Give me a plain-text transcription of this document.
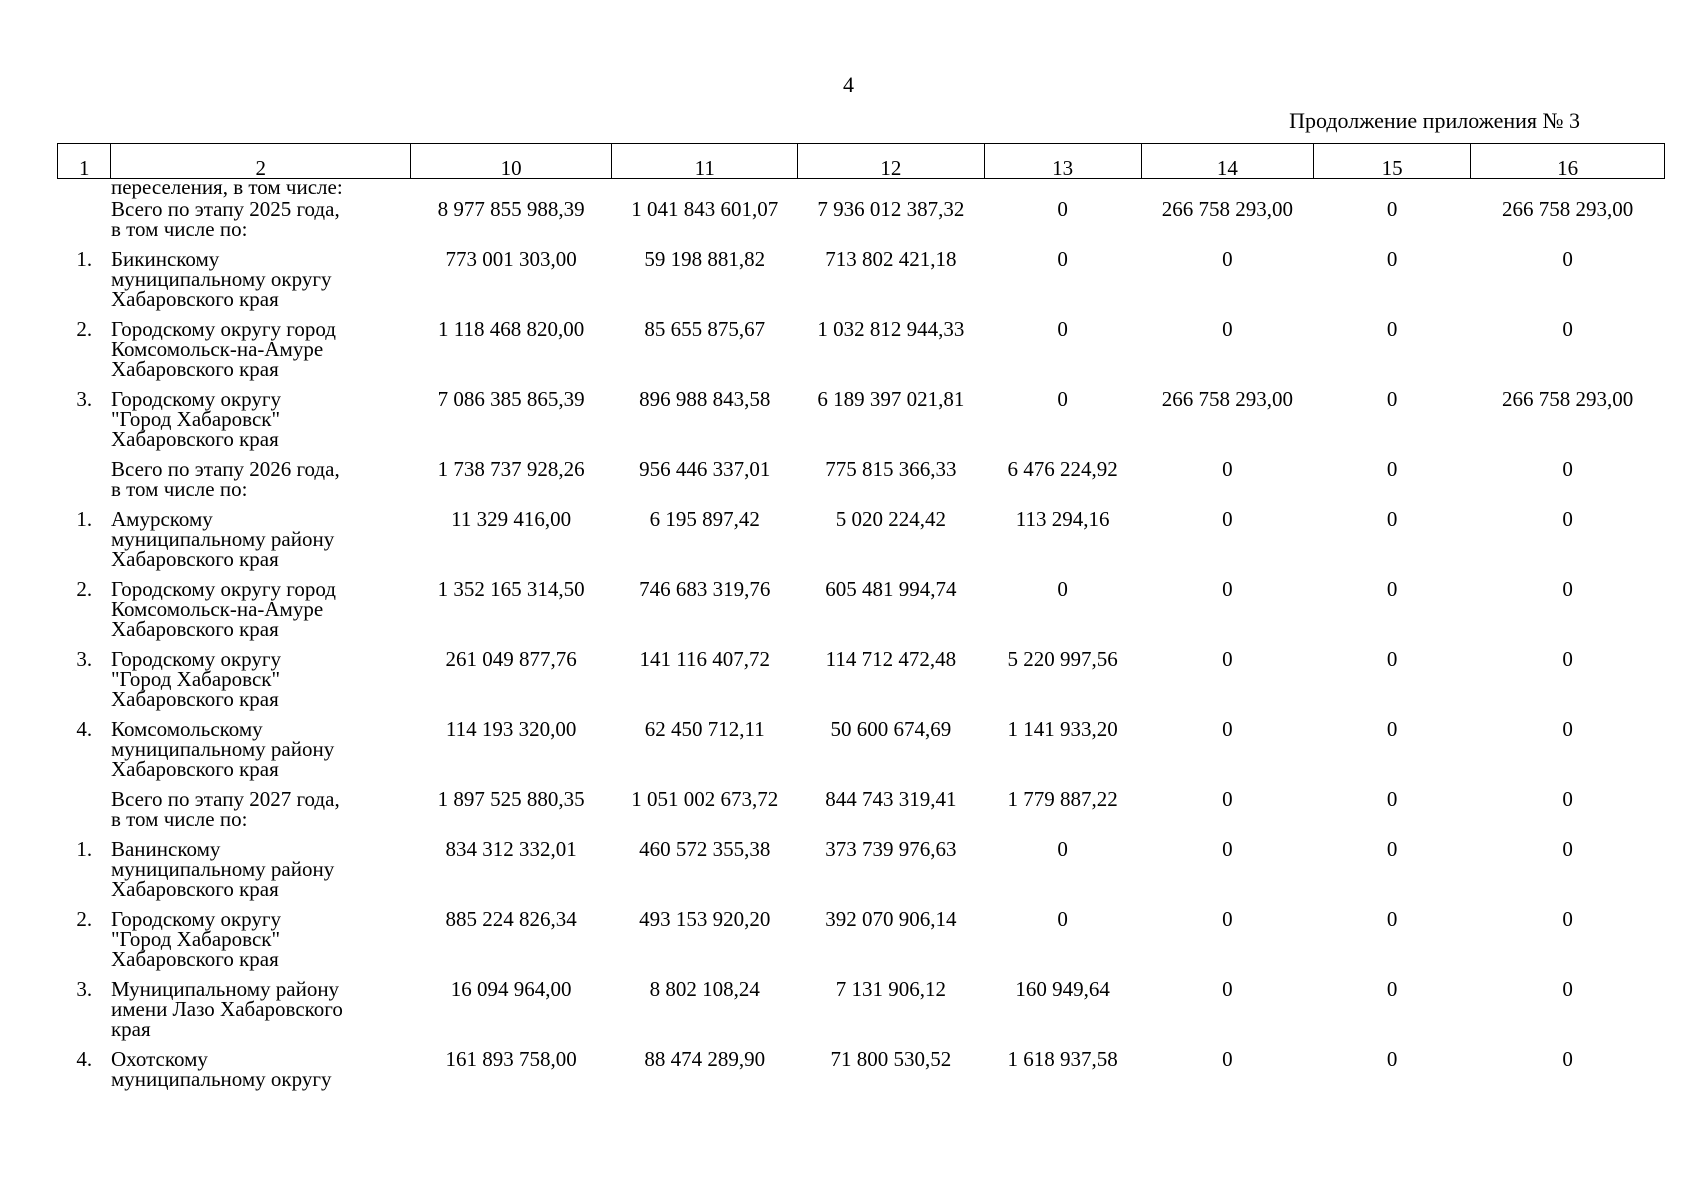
4
Продолжение приложения № 3
1	2	10	11	12	13	14	15	16

	переселения, в том числе:							

	Всего по этапу 2025 года,
в том числе по:	8 977 855 988,39	1 041 843 601,07	7 936 012 387,32	0	266 758 293,00	0	266 758 293,00
1.	Бикинскому
муниципальному округу
Хабаровского края	773 001 303,00	59 198 881,82	713 802 421,18	0	0	0	0
2.	Городскому округу город
Комсомольск-на-Амуре
Хабаровского края	1 118 468 820,00	85 655 875,67	1 032 812 944,33	0	0	0	0
3.	Городскому округу
"Город Хабаровск"
Хабаровского края	7 086 385 865,39	896 988 843,58	6 189 397 021,81	0	266 758 293,00	0	266 758 293,00

	Всего по этапу 2026 года,
в том числе по:	1 738 737 928,26	956 446 337,01	775 815 366,33	6 476 224,92	0	0	0
1.	Амурскому
муниципальному району
Хабаровского края	11 329 416,00	6 195 897,42	5 020 224,42	113 294,16	0	0	0
2.	Городскому округу город
Комсомольск-на-Амуре
Хабаровского края	1 352 165 314,50	746 683 319,76	605 481 994,74	0	0	0	0
3.	Городскому округу
"Город Хабаровск"
Хабаровского края	261 049 877,76	141 116 407,72	114 712 472,48	5 220 997,56	0	0	0
4.	Комсомольскому
муниципальному району
Хабаровского края	114 193 320,00	62 450 712,11	50 600 674,69	1 141 933,20	0	0	0

	Всего по этапу 2027 года,
в том числе по:	1 897 525 880,35	1 051 002 673,72	844 743 319,41	1 779 887,22	0	0	0
1.	Ванинскому
муниципальному району
Хабаровского края	834 312 332,01	460 572 355,38	373 739 976,63	0	0	0	0
2.	Городскому округу
"Город Хабаровск"
Хабаровского края	885 224 826,34	493 153 920,20	392 070 906,14	0	0	0	0
3.	Муниципальному району
имени Лазо Хабаровского
края	16 094 964,00	8 802 108,24	7 131 906,12	160 949,64	0	0	0
4.	Охотскому
муниципальному округу	161 893 758,00	88 474 289,90	71 800 530,52	1 618 937,58	0	0	0
